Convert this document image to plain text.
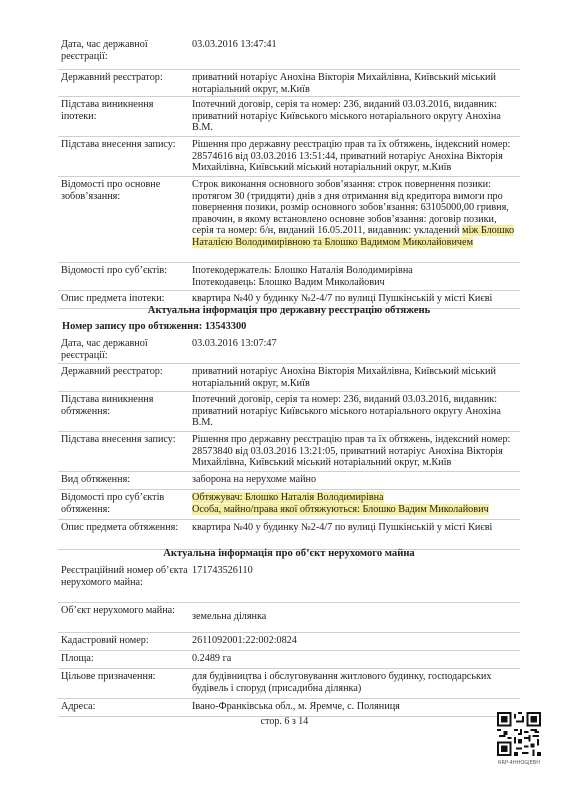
Дата, час державної реєстрації:
03.03.2016 13:47:41
Державний реєстратор:	приватний нотаріус Анохіна Вікторія Михайлівна, Київський міський нотаріальний округ, м.Київ
Підстава виникнення іпотеки:
Іпотечний договір, серія та номер: 236, виданий 03.03.2016, видавник: приватний нотаріус Київського міського нотаріального округу Анохіна В.М.
Підстава внесення запису:	Рішення про державну реєстрацію прав та їх обтяжень, індексний номер: 28574616 від 03.03.2016 13:51:44, приватний нотаріус Анохіна Вікторія Михайлівна, Київський міський нотаріальний округ, м.Київ
Відомості про основне зобов’язання:
Строк виконання основного зобов’язання: строк повернення позики: протягом 30 (тридцяти) днів з дня отримання від кредитора вимоги про повернення позики, розмір основного зобов’язання: 63105000,00 гривня, правочин, в якому встановлено основне зобов’язання: договір позики, серія та номер: б/н, виданий 16.05.2011, видавник: укладений між Блошко Наталією Володимирівною та Блошко Вадимом Миколайовичем
Відомості про суб’єктів:	Іпотекодержатель: Блошко Наталія Володимирівна
Іпотекодавець: Блошко Вадим Миколайович
Опис предмета іпотеки:	квартира №40 у будинку №2-4/7 по вулиці Пушкінській у місті Києві
Актуальна інформація про державну реєстрацію обтяжень
Номер запису про обтяження: 13543300
Дата, час державної реєстрації:
03.03.2016 13:07:47
Державний реєстратор:	приватний нотаріус Анохіна Вікторія Михайлівна, Київський міський нотаріальний округ, м.Київ
Підстава виникнення обтяження:
Іпотечний договір, серія та номер: 236, виданий 03.03.2016, видавник: приватний нотаріус Київського міського нотаріального округу Анохіна В.М.
Підстава внесення запису:	Рішення про державну реєстрацію прав та їх обтяжень, індексний номер: 28573840 від 03.03.2016 13:21:05, приватний нотаріус Анохіна Вікторія Михайлівна, Київський міський нотаріальний округ, м.Київ
Вид обтяження:	заборона на нерухоме майно
Відомості про суб’єктів обтяження:
Обтяжувач: Блошко Наталія Володимирівна
Особа, майно/права якої обтяжуються: Блошко Вадим Миколайович
Опис предмета обтяження:	квартира №40 у будинку №2-4/7 по вулиці Пушкінській у місті Києві
Актуальна інформація про об’єкт нерухомого майна
Реєстраційний номер об’єкта нерухомого майна:
171743526110
Об’єкт нерухомого майна:
земельна ділянка
Кадастровий номер:	2611092001:22:002:0824
Площа:	0.2489 га
Цільове призначення:	для будівництва і обслуговування житлового будинку, господарських будівель і споруд (присадибна ділянка)
Адреса:	Івано-Франківська обл., м. Яремче, с. Поляниця
стор. 6 з 14
RRP-4HHOGJEBH
